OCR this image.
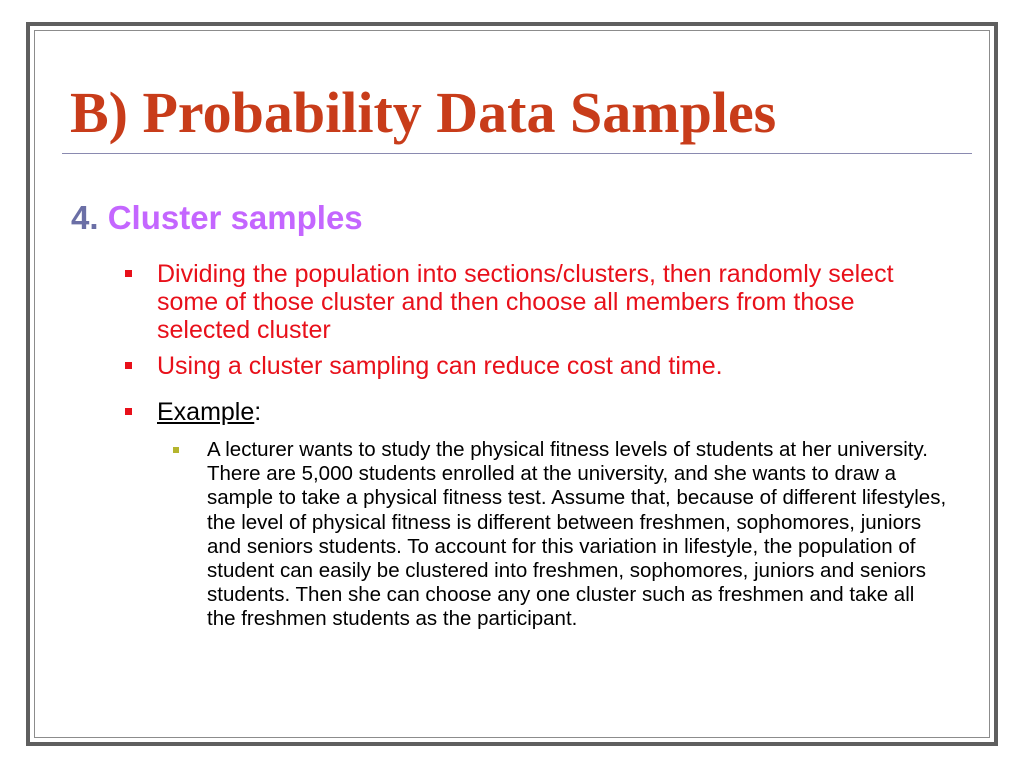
B) Probability Data Samples
4. Cluster samples
Dividing the population into sections/clusters, then randomly select some of those cluster and then choose all members from those selected cluster
Using a cluster sampling can reduce cost and time.
Example:
A lecturer wants to study the physical fitness levels of students at her university. There are 5,000 students enrolled at the university, and she wants to draw a sample to take a physical fitness test. Assume that, because of different lifestyles, the level of physical fitness is different between freshmen, sophomores, juniors and seniors students. To account for this variation in lifestyle, the population of student can easily be clustered into freshmen, sophomores, juniors and seniors students. Then she can choose any one cluster such as freshmen and take all the freshmen students as the participant.
